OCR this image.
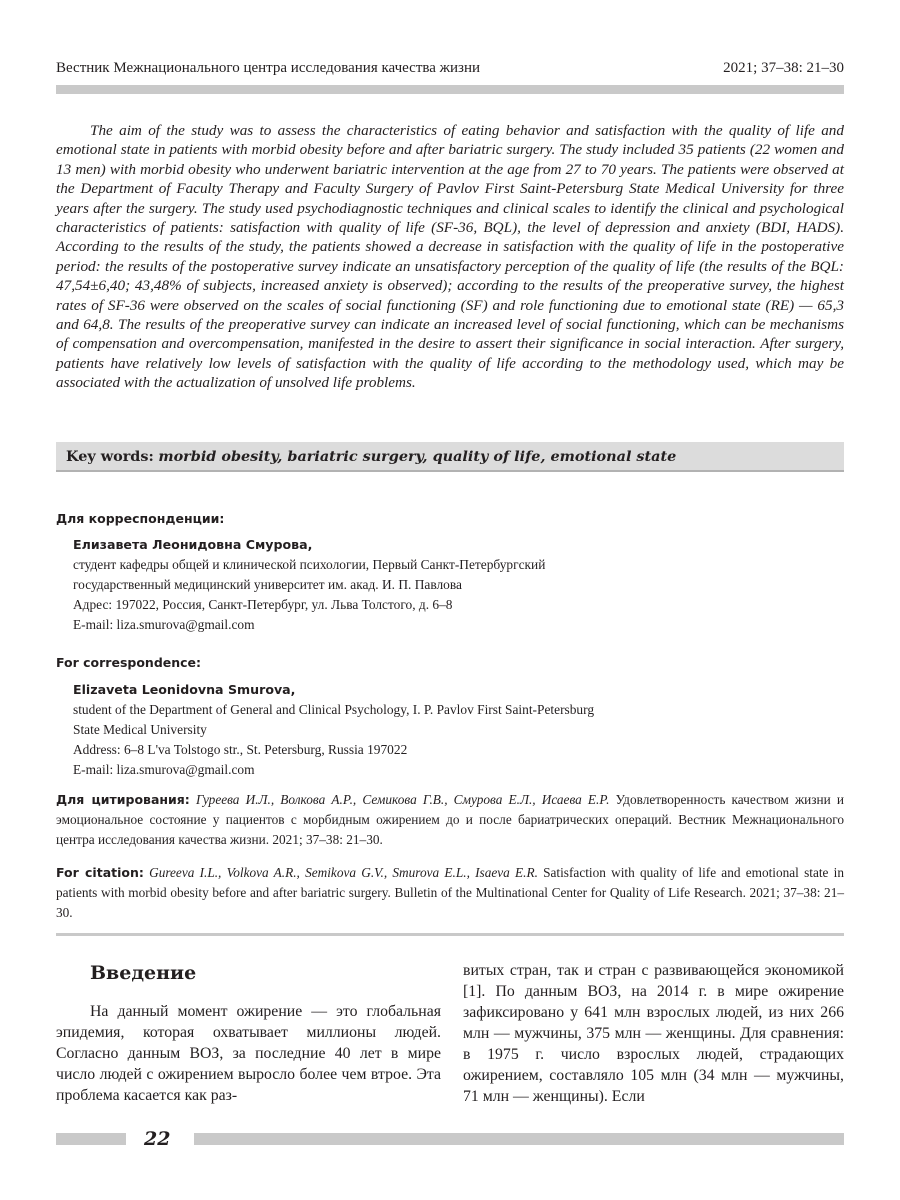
Вестник Межнационального центра исследования качества жизни	2021; 37–38: 21–30

The aim of the study was to assess the characteristics of eating behavior and satisfaction with the quality of life and emotional state in patients with morbid obesity before and after bariatric surgery. The study included 35 patients (22 women and 13 men) with morbid obesity who underwent bariatric intervention at the age from 27 to 70 years. The patients were observed at the Department of Faculty Therapy and Faculty Surgery of Pavlov First Saint-Petersburg State Medical University for three years after the surgery. The study used psychodiagnostic techniques and clinical scales to identify the clinical and psychological characteristics of patients: satisfaction with quality of life (SF-36, BQL), the level of depression and anxiety (BDI, HADS). According to the results of the study, the patients showed a decrease in satisfaction with the quality of life in the postoperative period: the results of the postoperative survey indicate an unsatisfactory perception of the quality of life (the results of the BQL: 47,54±6,40; 43,48% of subjects, increased anxiety is observed); according to the results of the preoperative survey, the highest rates of SF-36 were observed on the scales of social functioning (SF) and role functioning due to emotional state (RE) — 65,3 and 64,8. The results of the preoperative survey can indicate an increased level of social functioning, which can be mechanisms of compensation and overcompensation, manifested in the desire to assert their significance in social interaction. After surgery, patients have relatively low levels of satisfaction with the quality of life according to the methodology used, which may be associated with the actualization of unsolved life problems.

Key words: morbid obesity, bariatric surgery, quality of life, emotional state
Для корреспонденции:
Елизавета Леонидовна Смурова,
студент кафедры общей и клинической психологии, Первый Санкт-Петербургский
государственный медицинский университет им. акад. И. П. Павлова
Адрес: 197022, Россия, Санкт-Петербург, ул. Льва Толстого, д. 6–8
E-mail: liza.smurova@gmail.com
For correspondence:
Elizaveta Leonidovna Smurova,
student of the Department of General and Clinical Psychology, I. P. Pavlov First Saint-Petersburg
State Medical University
Address: 6–8 L'va Tolstogo str., St. Petersburg, Russia 197022
E-mail: liza.smurova@gmail.com

Для цитирования: Гуреева И.Л., Волкова А.Р., Семикова Г.В., Смурова Е.Л., Исаева Е.Р. Удовлетворенность качеством жизни и эмоциональное состояние у пациентов с морбидным ожирением до и после бариатрических операций. Вестник Межнационального центра исследования качества жизни. 2021; 37–38: 21–30.

For citation: Gureeva I.L., Volkova A.R., Semikova G.V., Smurova E.L., Isaeva E.R. Satisfaction with quality of life and emotional state in patients with morbid obesity before and after bariatric surgery. Bulletin of the Multinational Center for Quality of Life Research. 2021; 37–38: 21–30.

Введение

На данный момент ожирение — это глобальная эпидемия, которая охватывает миллионы людей. Согласно данным ВОЗ, за последние 40 лет в мире число людей с ожирением выросло более чем втрое. Эта проблема касается как раз-

витых стран, так и стран с развивающейся экономикой [1]. По данным ВОЗ, на 2014 г. в мире ожирение зафиксировано у 641 млн взрослых людей, из них 266 млн — мужчины, 375 млн — женщины. Для сравнения: в 1975 г. число взрослых людей, страдающих ожирением, составляло 105 млн (34 млн — мужчины, 71 млн — женщины). Если

22
